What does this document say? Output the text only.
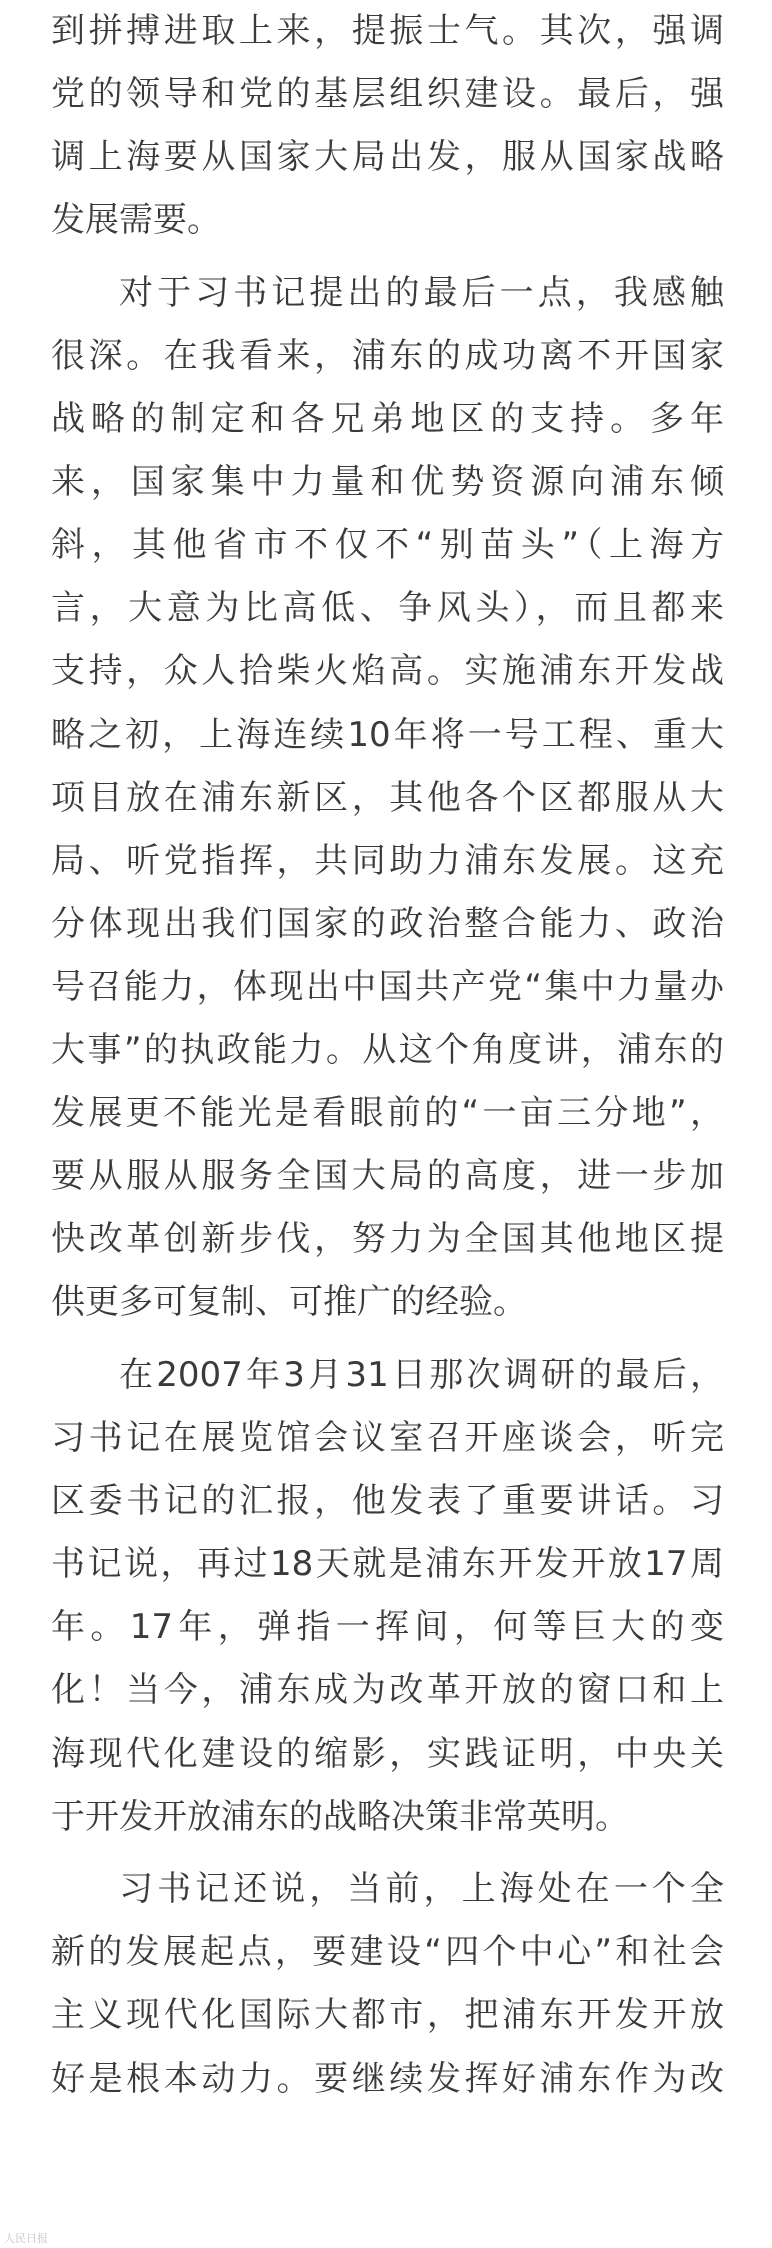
到拼搏进取上来，提振士气。其次，强调
党的领导和党的基层组织建设。最后，强
调上海要从国家大局出发，服从国家战略
发展需要。
对于习书记提出的最后一点，我感触
很深。在我看来，浦东的成功离不开国家
战略的制定和各兄弟地区的支持。多年
来，国家集中力量和优势资源向浦东倾
斜，其他省市不仅不“别苗头”（上海方
言，大意为比高低、争风头），而且都来
支持，众人拾柴火焰高。实施浦东开发战
略之初，上海连续10年将一号工程、重大
项目放在浦东新区，其他各个区都服从大
局、听党指挥，共同助力浦东发展。这充
分体现出我们国家的政治整合能力、政治
号召能力，体现出中国共产党“集中力量办
大事”的执政能力。从这个角度讲，浦东的
发展更不能光是看眼前的“一亩三分地”，
要从服从服务全国大局的高度，进一步加
快改革创新步伐，努力为全国其他地区提
供更多可复制、可推广的经验。
在2007年3月31日那次调研的最后，
习书记在展览馆会议室召开座谈会，听完
区委书记的汇报，他发表了重要讲话。习
书记说，再过18天就是浦东开发开放17周
年。17年，弹指一挥间，何等巨大的变
化！当今，浦东成为改革开放的窗口和上
海现代化建设的缩影，实践证明，中央关
于开发开放浦东的战略决策非常英明。
习书记还说，当前，上海处在一个全
新的发展起点，要建设“四个中心”和社会
主义现代化国际大都市，把浦东开发开放
好是根本动力。要继续发挥好浦东作为改
人民日报
